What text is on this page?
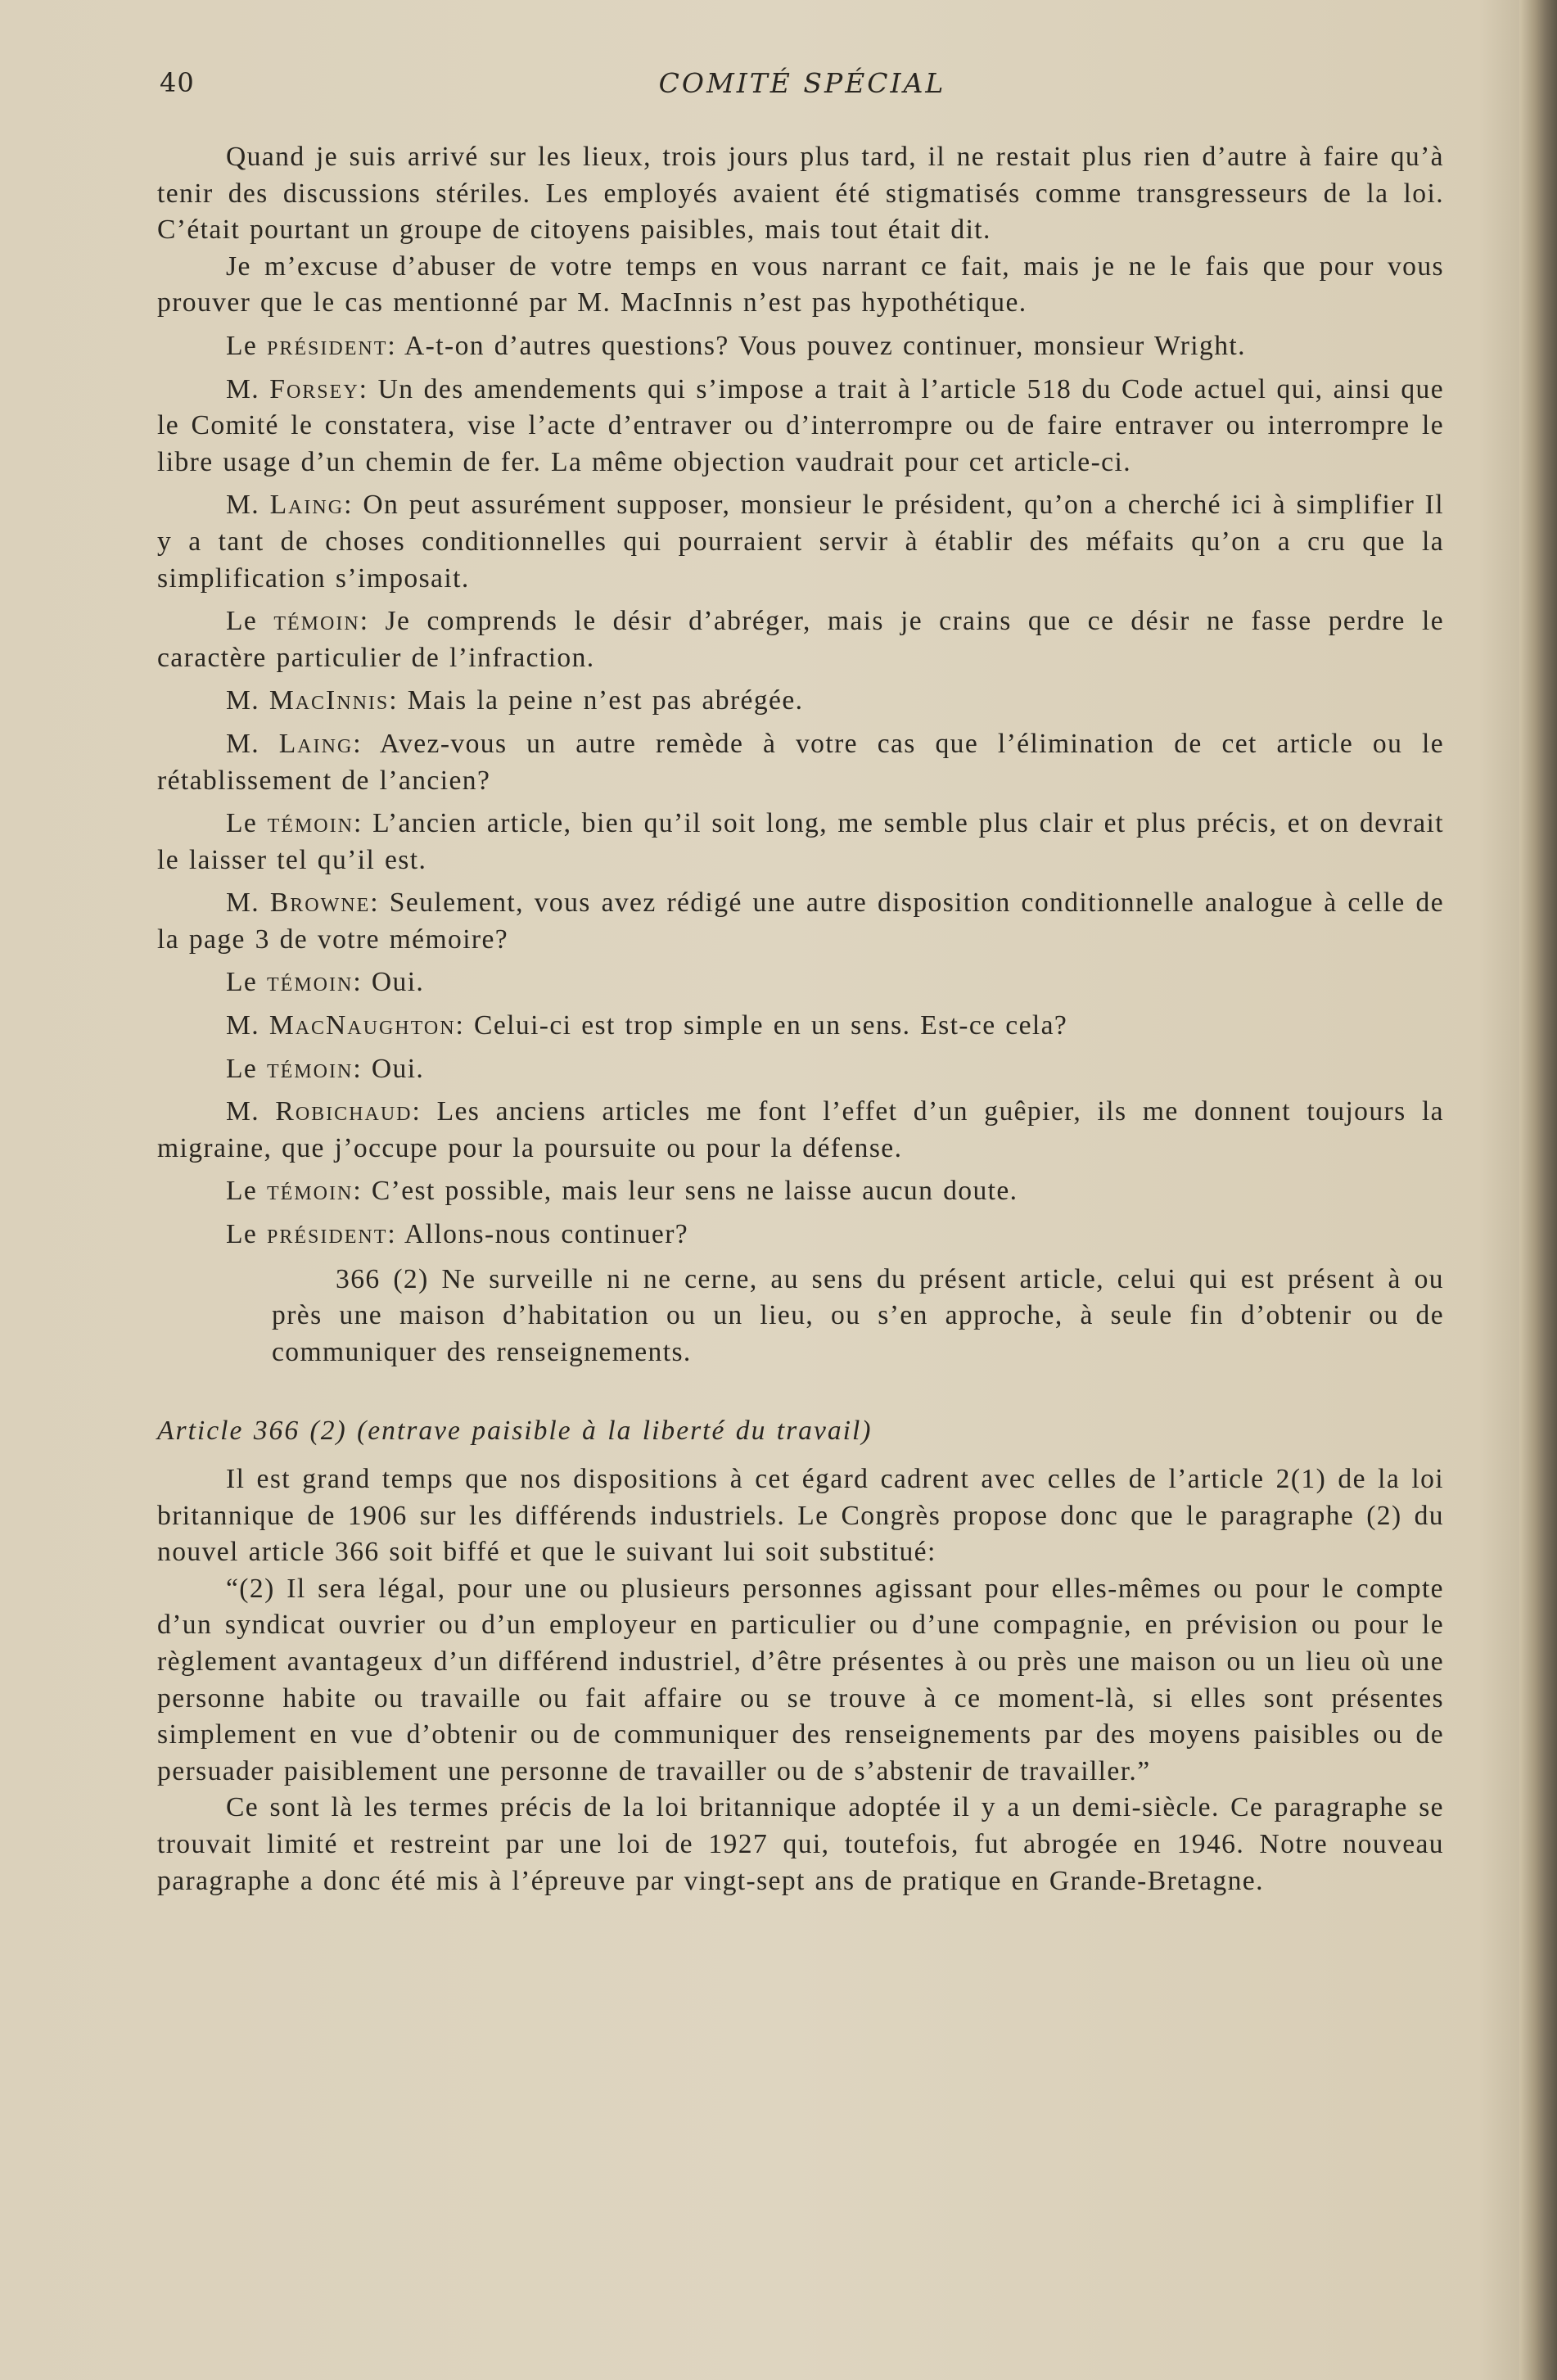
40	COMITÉ SPÉCIAL

Quand je suis arrivé sur les lieux, trois jours plus tard, il ne restait plus rien d’autre à faire qu’à tenir des discussions stériles. Les employés avaient été stigmatisés comme transgresseurs de la loi. C’était pourtant un groupe de citoyens paisibles, mais tout était dit.

Je m’excuse d’abuser de votre temps en vous narrant ce fait, mais je ne le fais que pour vous prouver que le cas mentionné par M. MacInnis n’est pas hypothétique.

Le président: A-t-on d’autres questions? Vous pouvez continuer, monsieur Wright.

M. Forsey: Un des amendements qui s’impose a trait à l’article 518 du Code actuel qui, ainsi que le Comité le constatera, vise l’acte d’entraver ou d’interrompre ou de faire entraver ou interrompre le libre usage d’un chemin de fer. La même objection vaudrait pour cet article-ci.

M. Laing: On peut assurément supposer, monsieur le président, qu’on a cherché ici à simplifier Il y a tant de choses conditionnelles qui pourraient servir à établir des méfaits qu’on a cru que la simplification s’imposait.

Le témoin: Je comprends le désir d’abréger, mais je crains que ce désir ne fasse perdre le caractère particulier de l’infraction.

M. MacInnis: Mais la peine n’est pas abrégée.

M. Laing: Avez-vous un autre remède à votre cas que l’élimination de cet article ou le rétablissement de l’ancien?

Le témoin: L’ancien article, bien qu’il soit long, me semble plus clair et plus précis, et on devrait le laisser tel qu’il est.

M. Browne: Seulement, vous avez rédigé une autre disposition conditionnelle analogue à celle de la page 3 de votre mémoire?

Le témoin: Oui.

M. MacNaughton: Celui-ci est trop simple en un sens. Est-ce cela?

Le témoin: Oui.

M. Robichaud: Les anciens articles me font l’effet d’un guêpier, ils me donnent toujours la migraine, que j’occupe pour la poursuite ou pour la défense.

Le témoin: C’est possible, mais leur sens ne laisse aucun doute.

Le président: Allons-nous continuer?

366 (2) Ne surveille ni ne cerne, au sens du présent article, celui qui est présent à ou près une maison d’habitation ou un lieu, ou s’en approche, à seule fin d’obtenir ou de communiquer des renseignements.

Article 366 (2) (entrave paisible à la liberté du travail)

Il est grand temps que nos dispositions à cet égard cadrent avec celles de l’article 2(1) de la loi britannique de 1906 sur les différends industriels. Le Congrès propose donc que le paragraphe (2) du nouvel article 366 soit biffé et que le suivant lui soit substitué:

“(2) Il sera légal, pour une ou plusieurs personnes agissant pour elles-mêmes ou pour le compte d’un syndicat ouvrier ou d’un employeur en particulier ou d’une compagnie, en prévision ou pour le règlement avantageux d’un différend industriel, d’être présentes à ou près une maison ou un lieu où une personne habite ou travaille ou fait affaire ou se trouve à ce moment-là, si elles sont présentes simplement en vue d’obtenir ou de communiquer des renseignements par des moyens paisibles ou de persuader paisiblement une personne de travailler ou de s’abstenir de travailler.”

Ce sont là les termes précis de la loi britannique adoptée il y a un demi-siècle. Ce paragraphe se trouvait limité et restreint par une loi de 1927 qui, toutefois, fut abrogée en 1946. Notre nouveau paragraphe a donc été mis à l’épreuve par vingt-sept ans de pratique en Grande-Bretagne.
